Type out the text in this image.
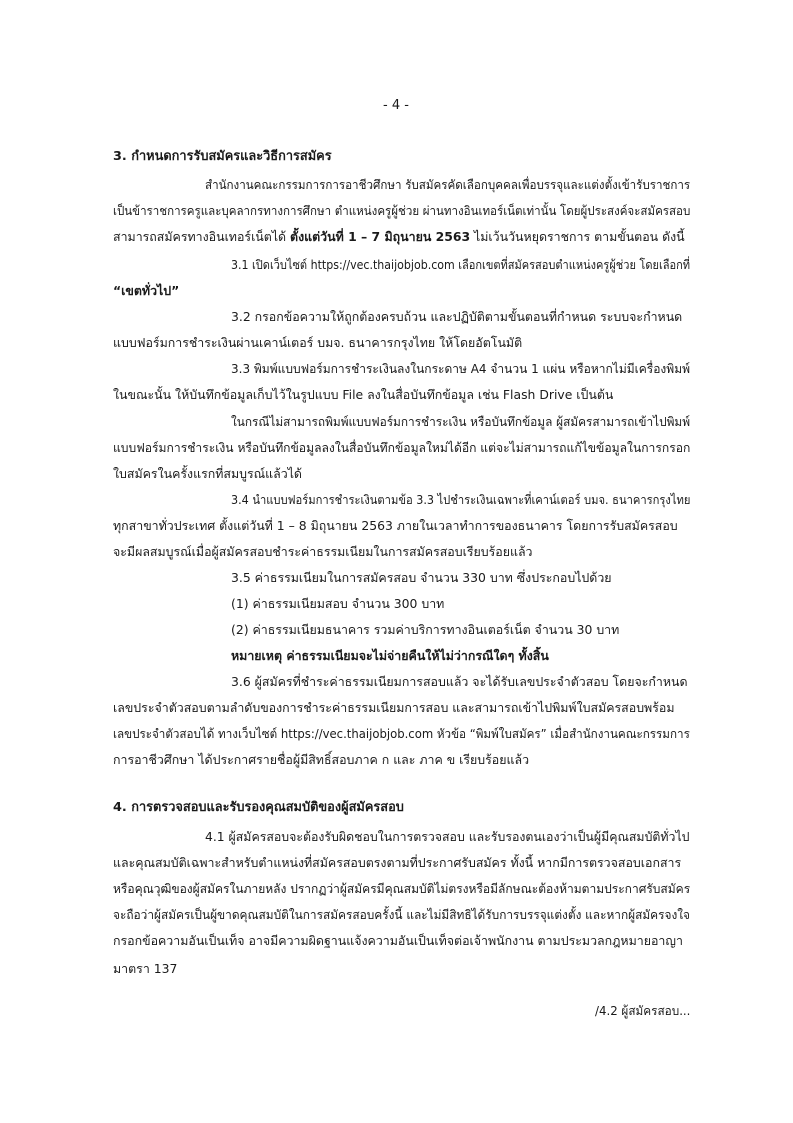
- 4 -
3. กำหนดการรับสมัครและวิธีการสมัคร
สำนักงานคณะกรรมการการอาชีวศึกษา รับสมัครคัดเลือกบุคคลเพื่อบรรจุและแต่งตั้งเข้ารับราชการ
เป็นข้าราชการครูและบุคลากรทางการศึกษา ตำแหน่งครูผู้ช่วย ผ่านทางอินเทอร์เน็ตเท่านั้น โดยผู้ประสงค์จะสมัครสอบ
สามารถสมัครทางอินเทอร์เน็ตได้ ตั้งแต่วันที่ 1 – 7 มิถุนายน 2563 ไม่เว้นวันหยุดราชการ ตามขั้นตอน ดังนี้
3.1 เปิดเว็บไซต์ https://vec.thaijobjob.com เลือกเขตที่สมัครสอบตำแหน่งครูผู้ช่วย โดยเลือกที่
“เขตทั่วไป”
3.2 กรอกข้อความให้ถูกต้องครบถ้วน และปฏิบัติตามขั้นตอนที่กำหนด ระบบจะกำหนด
แบบฟอร์มการชำระเงินผ่านเคาน์เตอร์ บมจ. ธนาคารกรุงไทย ให้โดยอัตโนมัติ
3.3 พิมพ์แบบฟอร์มการชำระเงินลงในกระดาษ A4 จำนวน 1 แผ่น หรือหากไม่มีเครื่องพิมพ์
ในขณะนั้น ให้บันทึกข้อมูลเก็บไว้ในรูปแบบ File ลงในสื่อบันทึกข้อมูล เช่น Flash Drive เป็นต้น
ในกรณีไม่สามารถพิมพ์แบบฟอร์มการชำระเงิน หรือบันทึกข้อมูล ผู้สมัครสามารถเข้าไปพิมพ์
แบบฟอร์มการชำระเงิน หรือบันทึกข้อมูลลงในสื่อบันทึกข้อมูลใหม่ได้อีก แต่จะไม่สามารถแก้ไขข้อมูลในการกรอก
ใบสมัครในครั้งแรกที่สมบูรณ์แล้วได้
3.4 นำแบบฟอร์มการชำระเงินตามข้อ 3.3 ไปชำระเงินเฉพาะที่เคาน์เตอร์ บมจ. ธนาคารกรุงไทย
ทุกสาขาทั่วประเทศ ตั้งแต่วันที่ 1 – 8 มิถุนายน 2563 ภายในเวลาทำการของธนาคาร โดยการรับสมัครสอบ
จะมีผลสมบูรณ์เมื่อผู้สมัครสอบชำระค่าธรรมเนียมในการสมัครสอบเรียบร้อยแล้ว
3.5 ค่าธรรมเนียมในการสมัครสอบ จำนวน 330 บาท ซึ่งประกอบไปด้วย
(1) ค่าธรรมเนียมสอบ จำนวน 300 บาท
(2) ค่าธรรมเนียมธนาคาร รวมค่าบริการทางอินเตอร์เน็ต จำนวน 30 บาท
หมายเหตุ ค่าธรรมเนียมจะไม่จ่ายคืนให้ไม่ว่ากรณีใดๆ ทั้งสิ้น
3.6 ผู้สมัครที่ชำระค่าธรรมเนียมการสอบแล้ว จะได้รับเลขประจำตัวสอบ โดยจะกำหนด
เลขประจำตัวสอบตามลำดับของการชำระค่าธรรมเนียมการสอบ และสามารถเข้าไปพิมพ์ใบสมัครสอบพร้อม
เลขประจำตัวสอบได้ ทางเว็บไซต์ https://vec.thaijobjob.com หัวข้อ “พิมพ์ใบสมัคร” เมื่อสำนักงานคณะกรรมการ
การอาชีวศึกษา ได้ประกาศรายชื่อผู้มีสิทธิ์สอบภาค ก และ ภาค ข เรียบร้อยแล้ว
4. การตรวจสอบและรับรองคุณสมบัติของผู้สมัครสอบ
4.1 ผู้สมัครสอบจะต้องรับผิดชอบในการตรวจสอบ และรับรองตนเองว่าเป็นผู้มีคุณสมบัติทั่วไป
และคุณสมบัติเฉพาะสำหรับตำแหน่งที่สมัครสอบตรงตามที่ประกาศรับสมัคร ทั้งนี้ หากมีการตรวจสอบเอกสาร
หรือคุณวุฒิของผู้สมัครในภายหลัง ปรากฏว่าผู้สมัครมีคุณสมบัติไม่ตรงหรือมีลักษณะต้องห้ามตามประกาศรับสมัคร
จะถือว่าผู้สมัครเป็นผู้ขาดคุณสมบัติในการสมัครสอบครั้งนี้ และไม่มีสิทธิได้รับการบรรจุแต่งตั้ง และหากผู้สมัครจงใจ
กรอกข้อความอันเป็นเท็จ อาจมีความผิดฐานแจ้งความอันเป็นเท็จต่อเจ้าพนักงาน ตามประมวลกฎหมายอาญา
มาตรา 137
/4.2 ผู้สมัครสอบ...
